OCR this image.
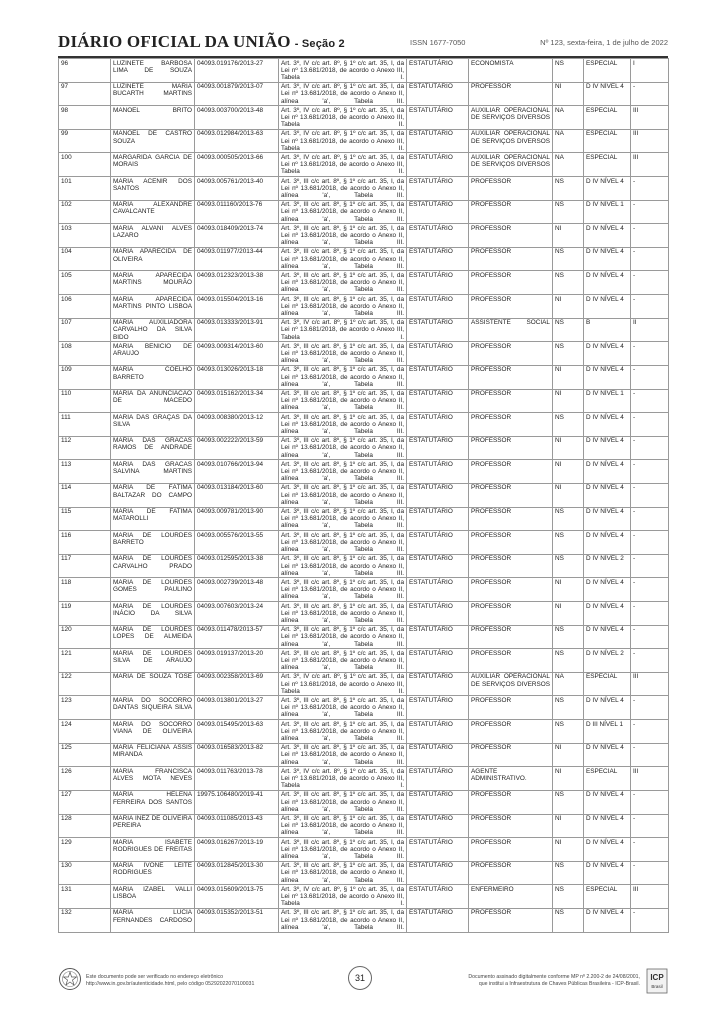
DIÁRIO OFICIAL DA UNIÃO - Seção 2	ISSN 1677-7050	Nº 123, sexta-feira, 1 de julho de 2022
96	LUZINETE BARBOSA LIMA DE SOUZA	04093.019176/2013-27	Art. 3º, IV c/c art. 8º, § 1º c/c art. 35, I, da Lei nº 13.681/2018, de acordo o Anexo III, Tabela I.	ESTATUTÁRIO	ECONOMISTA	NS	ESPECIAL	I
97	LUZINETE MARIA BUCARTH MARTINS	04093.001879/2013-07	Art. 3º, IV c/c art. 8º, § 1º c/c art. 35, I, da Lei nº 13.681/2018, de acordo o Anexo II, alínea 'a', Tabela III.	ESTATUTÁRIO	PROFESSOR	NI	D IV NÍVEL 4	-
98	MANOEL BRITO	04093.003700/2013-48	Art. 3º, IV c/c art. 8º, § 1º c/c art. 35, I, da Lei nº 13.681/2018, de acordo o Anexo III, Tabela II.	ESTATUTÁRIO	AUXILIAR OPERACIONAL DE SERVIÇOS DIVERSOS	NA	ESPECIAL	III
99	MANOEL DE CASTRO SOUZA	04093.012984/2013-63	Art. 3º, IV c/c art. 8º, § 1º c/c art. 35, I, da Lei nº 13.681/2018, de acordo o Anexo III, Tabela II.	ESTATUTÁRIO	AUXILIAR OPERACIONAL DE SERVIÇOS DIVERSOS	NA	ESPECIAL	III
100	MARGARIDA GARCIA DE MORAIS	04093.000505/2013-66	Art. 3º, IV c/c art. 8º, § 1º c/c art. 35, I, da Lei nº 13.681/2018, de acordo o Anexo III, Tabela II.	ESTATUTÁRIO	AUXILIAR OPERACIONAL DE SERVIÇOS DIVERSOS	NA	ESPECIAL	III
101	MARIA ACENIR DOS SANTOS	04093.005761/2013-40	Art. 3º, III c/c art. 8º, § 1º c/c art. 35, I, da Lei nº 13.681/2018, de acordo o Anexo II, alínea 'a', Tabela III.	ESTATUTÁRIO	PROFESSOR	NS	D IV NÍVEL 4	-
102	MARIA ALEXANDRE CAVALCANTE	04093.011160/2013-76	Art. 3º, III c/c art. 8º, § 1º c/c art. 35, I, da Lei nº 13.681/2018, de acordo o Anexo II, alínea 'a', Tabela III.	ESTATUTÁRIO	PROFESSOR	NS	D IV NÍVEL 1	-
103	MARIA ALVANI ALVES LAZARO	04093.018409/2013-74	Art. 3º, III c/c art. 8º, § 1º c/c art. 35, I, da Lei nº 13.681/2018, de acordo o Anexo II, alínea 'a', Tabela III.	ESTATUTÁRIO	PROFESSOR	NI	D IV NÍVEL 4	-
104	MARIA APARECIDA DE OLIVEIRA	04093.011977/2013-44	Art. 3º, III c/c art. 8º, § 1º c/c art. 35, I, da Lei nº 13.681/2018, de acordo o Anexo II, alínea 'a', Tabela III.	ESTATUTÁRIO	PROFESSOR	NS	D IV NÍVEL 4	-
105	MARIA APARECIDA MARTINS MOURÃO	04093.012323/2013-38	Art. 3º, III c/c art. 8º, § 1º c/c art. 35, I, da Lei nº 13.681/2018, de acordo o Anexo II, alínea 'a', Tabela III.	ESTATUTÁRIO	PROFESSOR	NS	D IV NÍVEL 4	-
106	MARIA APARECIDA MARTINS PINTO LISBOA	04093.015504/2013-16	Art. 3º, III c/c art. 8º, § 1º c/c art. 35, I, da Lei nº 13.681/2018, de acordo o Anexo II, alínea 'a', Tabela III.	ESTATUTÁRIO	PROFESSOR	NI	D IV NÍVEL 4	-
107	MARIA AUXILIADORA CARVALHO DA SILVA BIDO	04093.013333/2013-91	Art. 3º, IV c/c art. 8º, § 1º c/c art. 35, I, da Lei nº 13.681/2018, de acordo o Anexo III, Tabela I.	ESTATUTÁRIO	ASSISTENTE SOCIAL	NS	B	II
108	MARIA BENICIO DE ARAUJO	04093.009314/2013-60	Art. 3º, III c/c art. 8º, § 1º c/c art. 35, I, da Lei nº 13.681/2018, de acordo o Anexo II, alínea 'a', Tabela III.	ESTATUTÁRIO	PROFESSOR	NS	D IV NÍVEL 4	-
109	MARIA COELHO BARRETO	04093.013026/2013-18	Art. 3º, III c/c art. 8º, § 1º c/c art. 35, I, da Lei nº 13.681/2018, de acordo o Anexo II, alínea 'a', Tabela III.	ESTATUTÁRIO	PROFESSOR	NI	D IV NÍVEL 4	-
110	MARIA DA ANUNCIACAO DE MACEDO	04093.015162/2013-34	Art. 3º, III c/c art. 8º, § 1º c/c art. 35, I, da Lei nº 13.681/2018, de acordo o Anexo II, alínea 'a', Tabela III.	ESTATUTÁRIO	PROFESSOR	NI	D IV NÍVEL 1	-
111	MARIA DAS GRAÇAS DA SILVA	04093.008380/2013-12	Art. 3º, III c/c art. 8º, § 1º c/c art. 35, I, da Lei nº 13.681/2018, de acordo o Anexo II, alínea 'a', Tabela III.	ESTATUTÁRIO	PROFESSOR	NS	D IV NÍVEL 4	-
112	MARIA DAS GRACAS RAMOS DE ANDRADE	04093.002222/2013-59	Art. 3º, III c/c art. 8º, § 1º c/c art. 35, I, da Lei nº 13.681/2018, de acordo o Anexo II, alínea 'a', Tabela III.	ESTATUTÁRIO	PROFESSOR	NI	D IV NÍVEL 4	-
113	MARIA DAS GRACAS SALVINA MARTINS	04093.010766/2013-94	Art. 3º, III c/c art. 8º, § 1º c/c art. 35, I, da Lei nº 13.681/2018, de acordo o Anexo II, alínea 'a', Tabela III.	ESTATUTÁRIO	PROFESSOR	NI	D IV NÍVEL 4	-
114	MARIA DE FÁTIMA BALTAZAR DO CAMPO	04093.013184/2013-60	Art. 3º, III c/c art. 8º, § 1º c/c art. 35, I, da Lei nº 13.681/2018, de acordo o Anexo II, alínea 'a', Tabela III.	ESTATUTÁRIO	PROFESSOR	NI	D IV NÍVEL 4	-
115	MARIA DE FATIMA MATAROLLI	04093.009781/2013-90	Art. 3º, III c/c art. 8º, § 1º c/c art. 35, I, da Lei nº 13.681/2018, de acordo o Anexo II, alínea 'a', Tabela III.	ESTATUTÁRIO	PROFESSOR	NS	D IV NÍVEL 4	-
116	MARIA DE LOURDES BARRETO	04093.005576/2013-55	Art. 3º, III c/c art. 8º, § 1º c/c art. 35, I, da Lei nº 13.681/2018, de acordo o Anexo II, alínea 'a', Tabela III.	ESTATUTÁRIO	PROFESSOR	NS	D IV NÍVEL 4	-
117	MARIA DE LOURDES CARVALHO PRADO	04093.012595/2013-38	Art. 3º, III c/c art. 8º, § 1º c/c art. 35, I, da Lei nº 13.681/2018, de acordo o Anexo II, alínea 'a', Tabela III.	ESTATUTÁRIO	PROFESSOR	NS	D IV NÍVEL 2	-
118	MARIA DE LOURDES GOMES PAULINO	04093.002739/2013-48	Art. 3º, III c/c art. 8º, § 1º c/c art. 35, I, da Lei nº 13.681/2018, de acordo o Anexo II, alínea 'a', Tabela III.	ESTATUTÁRIO	PROFESSOR	NI	D IV NÍVEL 4	-
119	MARIA DE LOURDES INÁCIO DA SILVA	04093.007603/2013-24	Art. 3º, III c/c art. 8º, § 1º c/c art. 35, I, da Lei nº 13.681/2018, de acordo o Anexo II, alínea 'a', Tabela III.	ESTATUTÁRIO	PROFESSOR	NI	D IV NÍVEL 4	-
120	MARIA DE LOURDES LOPES DE ALMEIDA	04093.011478/2013-57	Art. 3º, III c/c art. 8º, § 1º c/c art. 35, I, da Lei nº 13.681/2018, de acordo o Anexo II, alínea 'a', Tabela III.	ESTATUTÁRIO	PROFESSOR	NS	D IV NÍVEL 4	-
121	MARIA DE LOURDES SILVA DE ARAUJO	04093.019137/2013-20	Art. 3º, III c/c art. 8º, § 1º c/c art. 35, I, da Lei nº 13.681/2018, de acordo o Anexo II, alínea 'a', Tabela III.	ESTATUTÁRIO	PROFESSOR	NS	D IV NÍVEL 2	-
122	MARIA DE SOUZA TOSE	04093.002358/2013-69	Art. 3º, IV c/c art. 8º, § 1º c/c art. 35, I, da Lei nº 13.681/2018, de acordo o Anexo III, Tabela II.	ESTATUTÁRIO	AUXILIAR OPERACIONAL DE SERVIÇOS DIVERSOS	NA	ESPECIAL	III
123	MARIA DO SOCORRO DANTAS SIQUEIRA SILVA	04093.013801/2013-27	Art. 3º, III c/c art. 8º, § 1º c/c art. 35, I, da Lei nº 13.681/2018, de acordo o Anexo II, alínea 'a', Tabela III.	ESTATUTÁRIO	PROFESSOR	NS	D IV NÍVEL 4	-
124	MARIA DO SOCORRO VIANA DE OLIVEIRA	04093.015495/2013-63	Art. 3º, III c/c art. 8º, § 1º c/c art. 35, I, da Lei nº 13.681/2018, de acordo o Anexo II, alínea 'a', Tabela III.	ESTATUTÁRIO	PROFESSOR	NS	D III NÍVEL 1	-
125	MARIA FELICIANA ASSIS MIRANDA	04093.016583/2013-82	Art. 3º, III c/c art. 8º, § 1º c/c art. 35, I, da Lei nº 13.681/2018, de acordo o Anexo II, alínea 'a', Tabela III.	ESTATUTÁRIO	PROFESSOR	NI	D IV NÍVEL 4	-
126	MARIA FRANCISCA ALVES MOTA NEVES	04093.011763/2013-78	Art. 3º, IV c/c art. 8º, § 1º c/c art. 35, I, da Lei nº 13.681/2018, de acordo o Anexo III, Tabela I.	ESTATUTÁRIO	AGENTE ADMINISTRATIVO.	NI	ESPECIAL	III
127	MARIA HELENA FERREIRA DOS SANTOS	19975.106480/2019-41	Art. 3º, III c/c art. 8º, § 1º c/c art. 35, I, da Lei nº 13.681/2018, de acordo o Anexo II, alínea 'a', Tabela III.	ESTATUTÁRIO	PROFESSOR	NS	D IV NÍVEL 4	-
128	MARIA INEZ DE OLIVEIRA PEREIRA	04093.011085/2013-43	Art. 3º, III c/c art. 8º, § 1º c/c art. 35, I, da Lei nº 13.681/2018, de acordo o Anexo II, alínea 'a', Tabela III.	ESTATUTÁRIO	PROFESSOR	NI	D IV NÍVEL 4	-
129	MARIA ISABETE RODRIGUES DE FREITAS	04093.016267/2013-19	Art. 3º, III c/c art. 8º, § 1º c/c art. 35, I, da Lei nº 13.681/2018, de acordo o Anexo II, alínea 'a', Tabela III.	ESTATUTÁRIO	PROFESSOR	NI	D IV NÍVEL 4	-
130	MARIA IVONE LEITE RODRIGUES	04093.012845/2013-30	Art. 3º, III c/c art. 8º, § 1º c/c art. 35, I, da Lei nº 13.681/2018, de acordo o Anexo II, alínea 'a', Tabela III.	ESTATUTÁRIO	PROFESSOR	NS	D IV NÍVEL 4	-
131	MARIA IZABEL VALLI LISBOA	04093.015609/2013-75	Art. 3º, IV c/c art. 8º, § 1º c/c art. 35, I, da Lei nº 13.681/2018, de acordo o Anexo III, Tabela I.	ESTATUTÁRIO	ENFERMEIRO	NS	ESPECIAL	III
132	MARIA LUCIA FERNANDES CARDOSO	04093.015352/2013-51	Art. 3º, III c/c art. 8º, § 1º c/c art. 35, I, da Lei nº 13.681/2018, de acordo o Anexo II, alínea 'a', Tabela III.	ESTATUTÁRIO	PROFESSOR	NS	D IV NÍVEL 4	-
Este documento pode ser verificado no endereço eletrônico
http://www.in.gov.br/autenticidade.html, pelo código 05292022070100031
31	Documento assinado digitalmente conforme MP nº 2.200-2 de 24/08/2001,
que institui a Infraestrutura de Chaves Públicas Brasileira - ICP-Brasil.
ICP
Brasil
